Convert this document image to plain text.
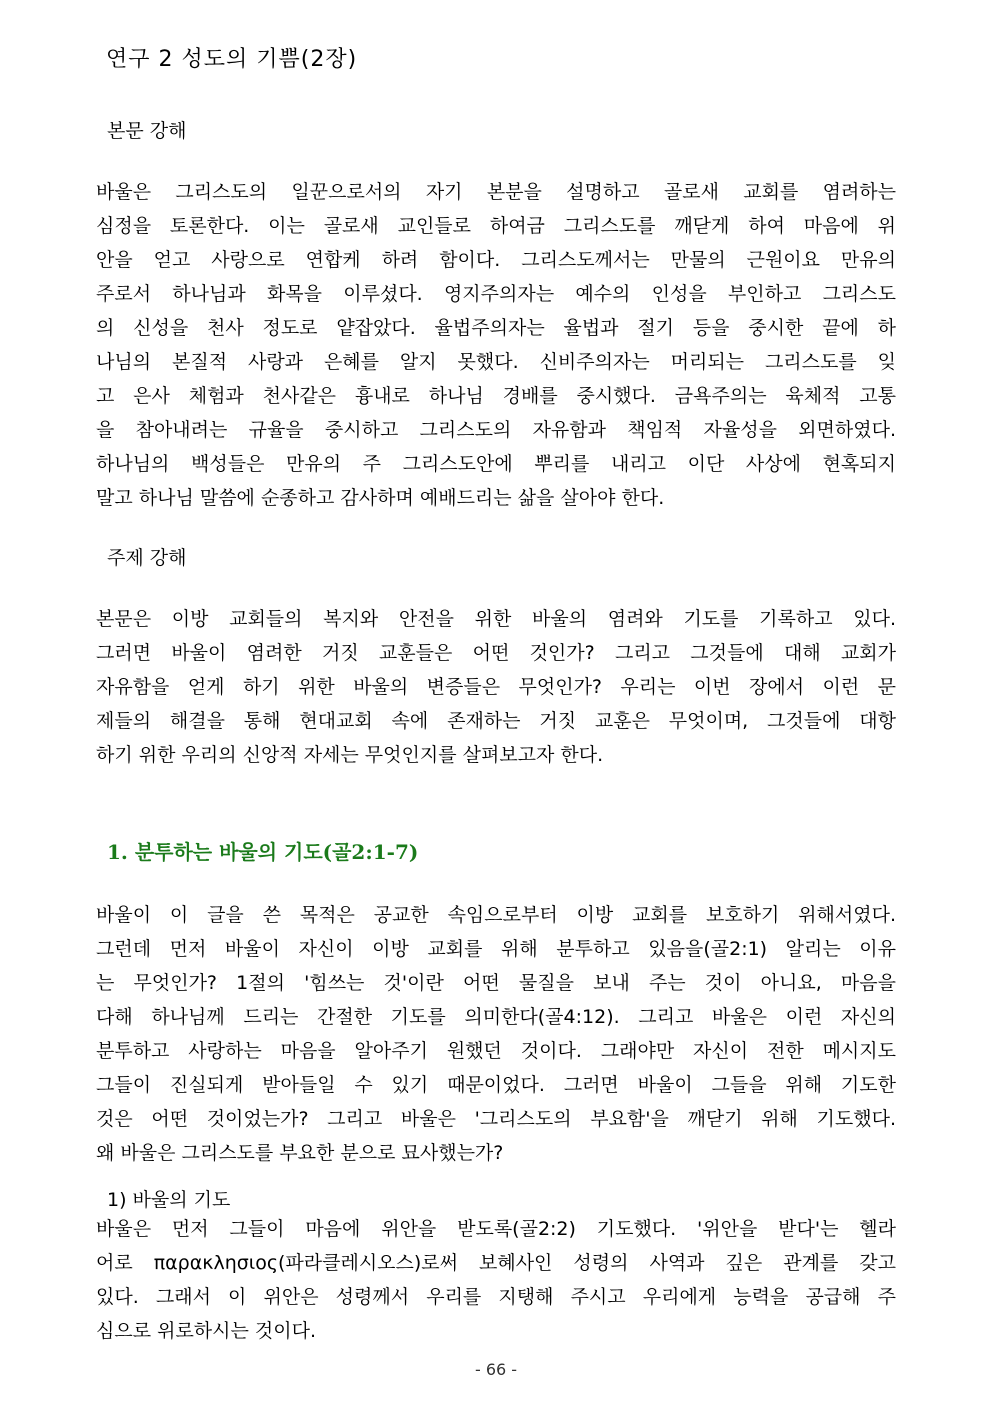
연구 2 성도의 기쁨(2장)
본문 강해
바울은 그리스도의 일꾼으로서의 자기 본분을 설명하고 골로새 교회를 염려하는
심정을 토론한다. 이는 골로새 교인들로 하여금 그리스도를 깨닫게 하여 마음에 위
안을 얻고 사랑으로 연합케 하려 함이다. 그리스도께서는 만물의 근원이요 만유의
주로서 하나님과 화목을 이루셨다. 영지주의자는 예수의 인성을 부인하고 그리스도
의 신성을 천사 정도로 얕잡았다. 율법주의자는 율법과 절기 등을 중시한 끝에 하
나님의 본질적 사랑과 은혜를 알지 못했다. 신비주의자는 머리되는 그리스도를 잊
고 은사 체험과 천사같은 흉내로 하나님 경배를 중시했다. 금욕주의는 육체적 고통
을 참아내려는 규율을 중시하고 그리스도의 자유함과 책임적 자율성을 외면하였다.
하나님의 백성들은 만유의 주 그리스도안에 뿌리를 내리고 이단 사상에 현혹되지
말고 하나님 말씀에 순종하고 감사하며 예배드리는 삶을 살아야 한다.
주제 강해
본문은 이방 교회들의 복지와 안전을 위한 바울의 염려와 기도를 기록하고 있다.
그러면 바울이 염려한 거짓 교훈들은 어떤 것인가? 그리고 그것들에 대해 교회가
자유함을 얻게 하기 위한 바울의 변증들은 무엇인가? 우리는 이번 장에서 이런 문
제들의 해결을 통해 현대교회 속에 존재하는 거짓 교훈은 무엇이며, 그것들에 대항
하기 위한 우리의 신앙적 자세는 무엇인지를 살펴보고자 한다.
1. 분투하는 바울의 기도(골2:1-7)
바울이 이 글을 쓴 목적은 공교한 속임으로부터 이방 교회를 보호하기 위해서였다.
그런데 먼저 바울이 자신이 이방 교회를 위해 분투하고 있음을(골2:1) 알리는 이유
는 무엇인가? 1절의 '힘쓰는 것'이란 어떤 물질을 보내 주는 것이 아니요, 마음을
다해 하나님께 드리는 간절한 기도를 의미한다(골4:12). 그리고 바울은 이런 자신의
분투하고 사랑하는 마음을 알아주기 원했던 것이다. 그래야만 자신이 전한 메시지도
그들이 진실되게 받아들일 수 있기 때문이었다. 그러면 바울이 그들을 위해 기도한
것은 어떤 것이었는가? 그리고 바울은 '그리스도의 부요함'을 깨닫기 위해 기도했다.
왜 바울은 그리스도를 부요한 분으로 묘사했는가?
1) 바울의 기도
바울은 먼저 그들이 마음에 위안을 받도록(골2:2) 기도했다. '위안을 받다'는 헬라
어로 παρακλησιος(파라클레시오스)로써 보혜사인 성령의 사역과 깊은 관계를 갖고
있다. 그래서 이 위안은 성령께서 우리를 지탱해 주시고 우리에게 능력을 공급해 주
심으로 위로하시는 것이다.
- 66 -
